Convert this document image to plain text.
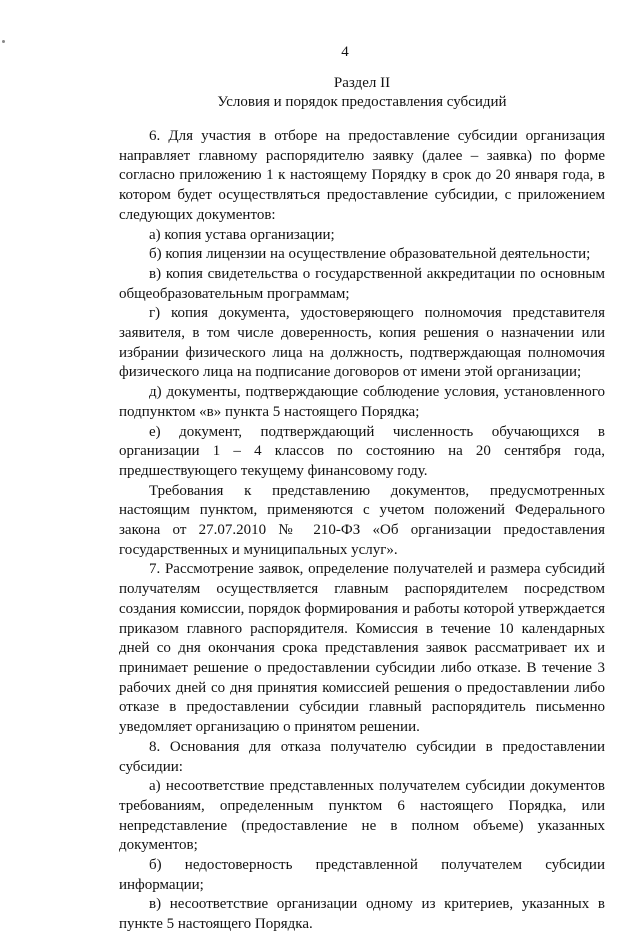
4
Раздел II
Условия и порядок предоставления субсидий

6. Для участия в отборе на предоставление субсидии организация направляет главному распорядителю заявку (далее – заявка) по форме согласно приложению 1 к настоящему Порядку в срок до 20 января года, в котором будет осуществляться предоставление субсидии, с приложением следующих документов:

а) копия устава организации;

б) копия лицензии на осуществление образовательной деятельности;

в) копия свидетельства о государственной аккредитации по основным общеобразовательным программам;

г) копия документа, удостоверяющего полномочия представителя заявителя, в том числе доверенность, копия решения о назначении или избрании физического лица на должность, подтверждающая полномочия физического лица на подписание договоров от имени этой организации;

д) документы, подтверждающие соблюдение условия, установленного подпунктом «в» пункта 5 настоящего Порядка;

е) документ, подтверждающий численность обучающихся в организации 1 – 4 классов по состоянию на 20 сентября года, предшествующего текущему финансовому году.

Требования к представлению документов, предусмотренных настоящим пунктом, применяются с учетом положений Федерального закона от 27.07.2010 № 210-ФЗ «Об организации предоставления государственных и муниципальных услуг».

7. Рассмотрение заявок, определение получателей и размера субсидий получателям осуществляется главным распорядителем посредством создания комиссии, порядок формирования и работы которой утверждается приказом главного распорядителя. Комиссия в течение 10 календарных дней со дня окончания срока представления заявок рассматривает их и принимает решение о предоставлении субсидии либо отказе. В течение 3 рабочих дней со дня принятия комиссией решения о предоставлении либо отказе в предоставлении субсидии главный распорядитель письменно уведомляет организацию о принятом решении.

8. Основания для отказа получателю субсидии в предоставлении субсидии:

а) несоответствие представленных получателем субсидии документов требованиям, определенным пунктом 6 настоящего Порядка, или непредставление (предоставление не в полном объеме) указанных документов;

б) недостоверность представленной получателем субсидии информации;

в) несоответствие организации одному из критериев, указанных в пункте 5 настоящего Порядка.
